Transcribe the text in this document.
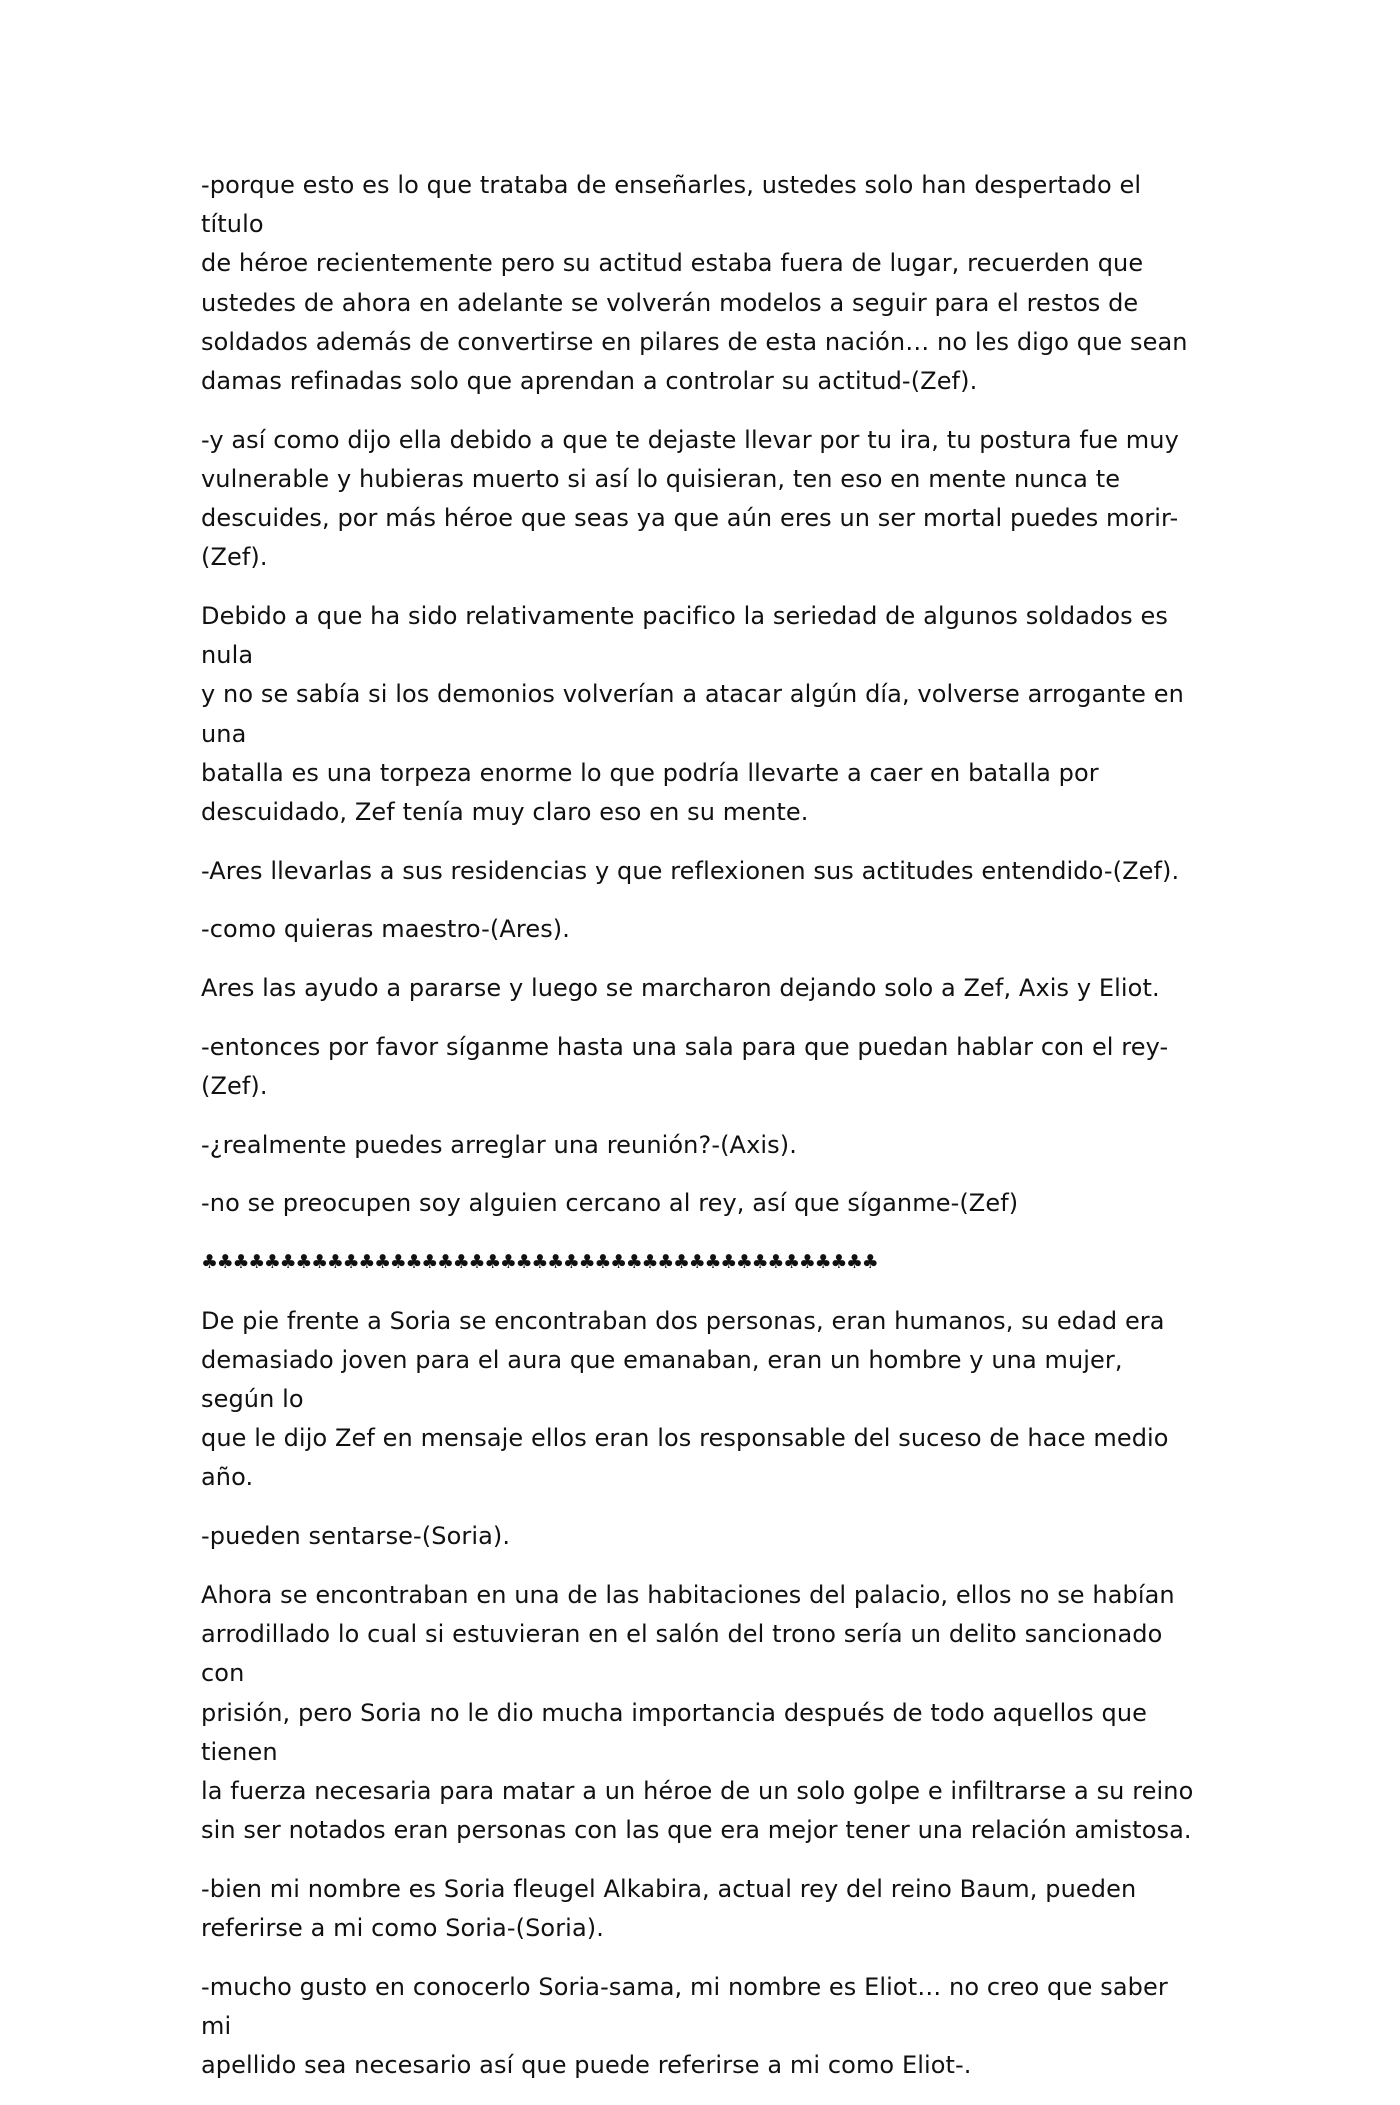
-porque esto es lo que trataba de enseñarles, ustedes solo han despertado el título
de héroe recientemente pero su actitud estaba fuera de lugar, recuerden que
ustedes de ahora en adelante se volverán modelos a seguir para el restos de
soldados además de convertirse en pilares de esta nación… no les digo que sean
damas refinadas solo que aprendan a controlar su actitud-(Zef).

-y así como dijo ella debido a que te dejaste llevar por tu ira, tu postura fue muy
vulnerable y hubieras muerto si así lo quisieran, ten eso en mente nunca te
descuides, por más héroe que seas ya que aún eres un ser mortal puedes morir-
(Zef).

Debido a que ha sido relativamente pacifico la seriedad de algunos soldados es nula
y no se sabía si los demonios volverían a atacar algún día, volverse arrogante en una
batalla es una torpeza enorme lo que podría llevarte a caer en batalla por
descuidado, Zef tenía muy claro eso en su mente.

-Ares llevarlas a sus residencias y que reflexionen sus actitudes entendido-(Zef).

-como quieras maestro-(Ares).

Ares las ayudo a pararse y luego se marcharon dejando solo a Zef, Axis y Eliot.

-entonces por favor síganme hasta una sala para que puedan hablar con el rey-
(Zef).

-¿realmente puedes arreglar una reunión?-(Axis).

-no se preocupen soy alguien cercano al rey, así que síganme-(Zef)

♣♣♣♣♣♣♣♣♣♣♣♣♣♣♣♣♣♣♣♣♣♣♣♣♣♣♣♣♣♣♣♣♣♣♣♣♣♣♣♣♣♣♣

De pie frente a Soria se encontraban dos personas, eran humanos, su edad era
demasiado joven para el aura que emanaban, eran un hombre y una mujer, según lo
que le dijo Zef en mensaje ellos eran los responsable del suceso de hace medio año.

-pueden sentarse-(Soria).

Ahora se encontraban en una de las habitaciones del palacio, ellos no se habían
arrodillado lo cual si estuvieran en el salón del trono sería un delito sancionado con
prisión, pero Soria no le dio mucha importancia después de todo aquellos que tienen
la fuerza necesaria para matar a un héroe de un solo golpe e infiltrarse a su reino
sin ser notados eran personas con las que era mejor tener una relación amistosa.

-bien mi nombre es Soria fleugel Alkabira, actual rey del reino Baum, pueden
referirse a mi como Soria-(Soria).

-mucho gusto en conocerlo Soria-sama, mi nombre es Eliot… no creo que saber mi
apellido sea necesario así que puede referirse a mi como Eliot-.
